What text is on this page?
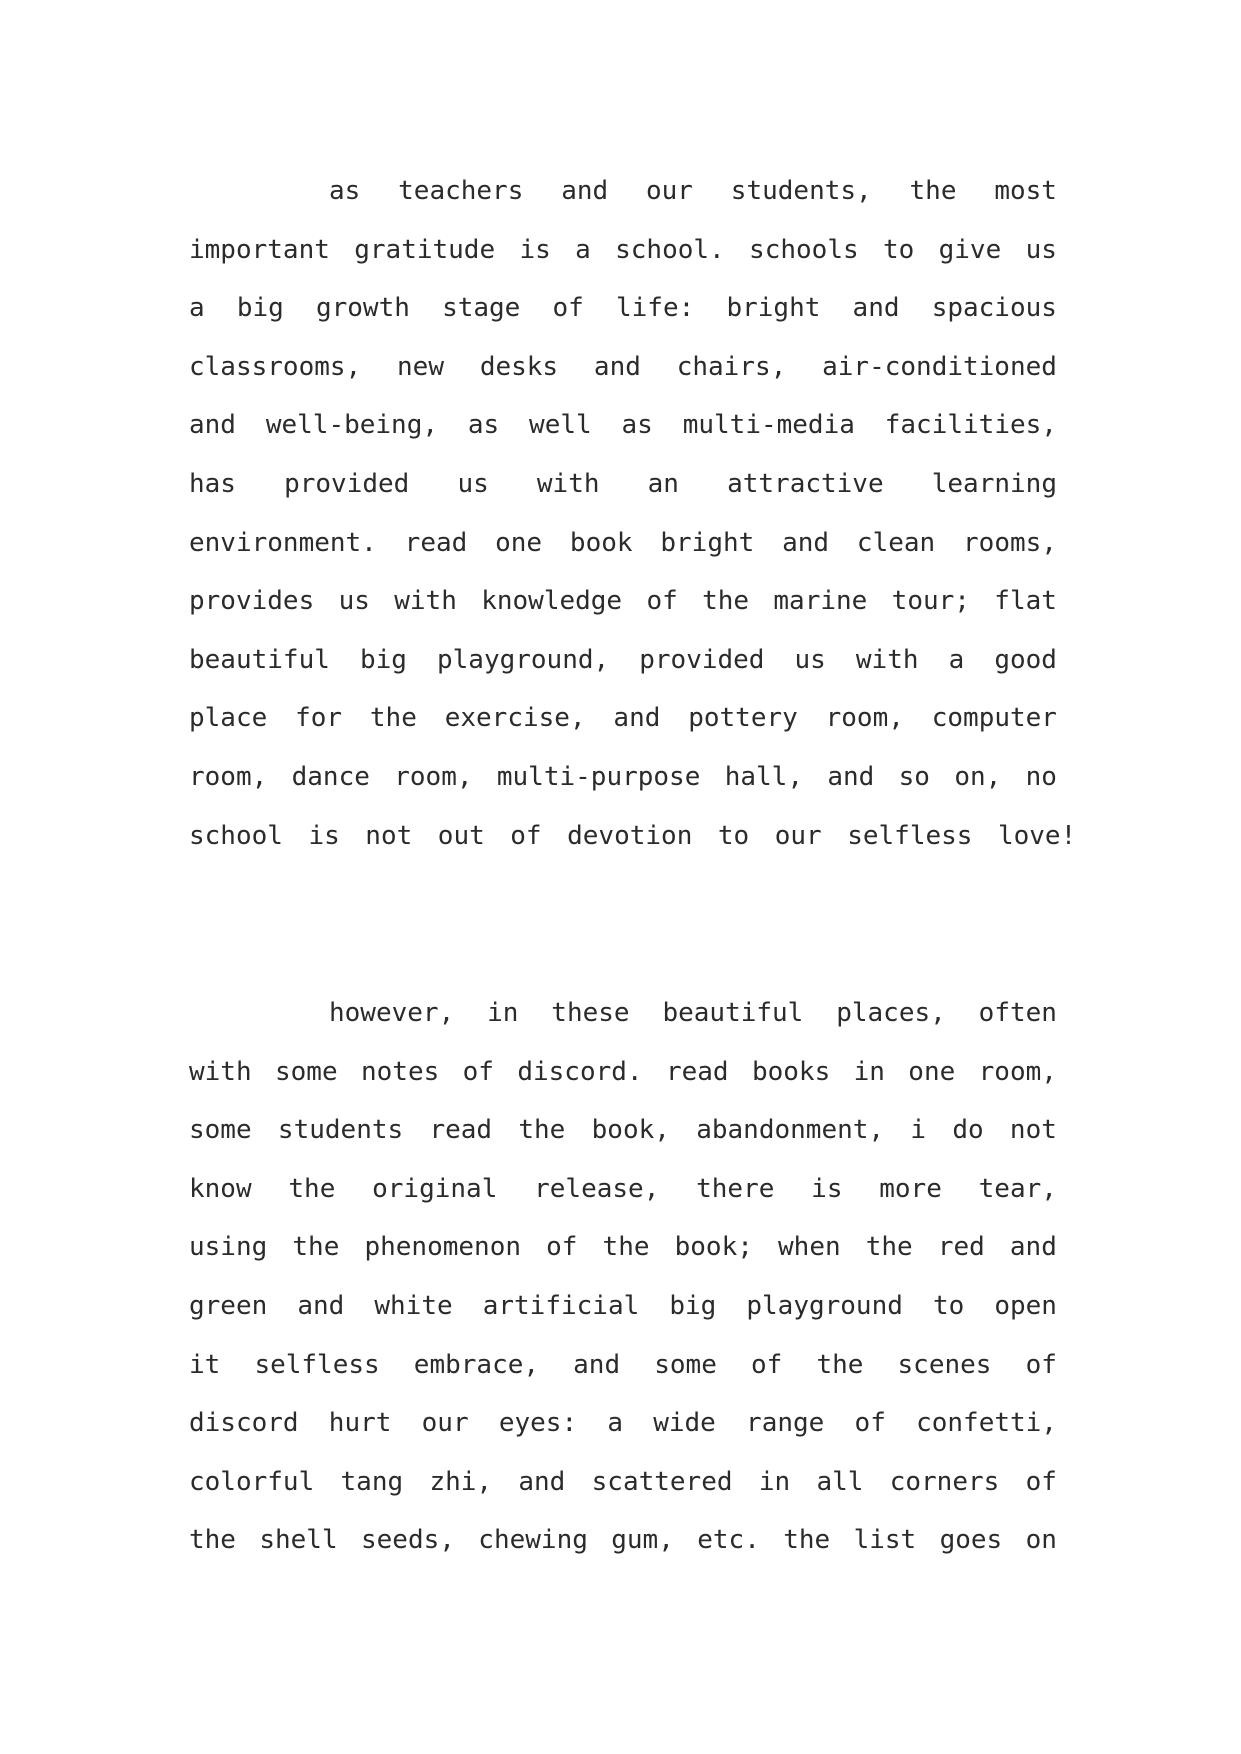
as teachers and our students, the most
important gratitude is a school. schools to give us
a big growth stage of life: bright and spacious
classrooms, new desks and chairs, air-conditioned
and well-being, as well as multi-media facilities,
has provided us with an attractive learning
environment. read one book bright and clean rooms,
provides us with knowledge of the marine tour; flat
beautiful big playground, provided us with a good
place for the exercise, and pottery room, computer
room, dance room, multi-purpose hall, and so on, no
school is not out of devotion to our selfless love!
however, in these beautiful places, often
with some notes of discord. read books in one room,
some students read the book, abandonment, i do not
know the original release, there is more tear,
using the phenomenon of the book; when the red and
green and white artificial big playground to open
it selfless embrace, and some of the scenes of
discord hurt our eyes: a wide range of confetti,
colorful tang zhi, and scattered in all corners of
the shell seeds, chewing gum, etc. the list goes on
